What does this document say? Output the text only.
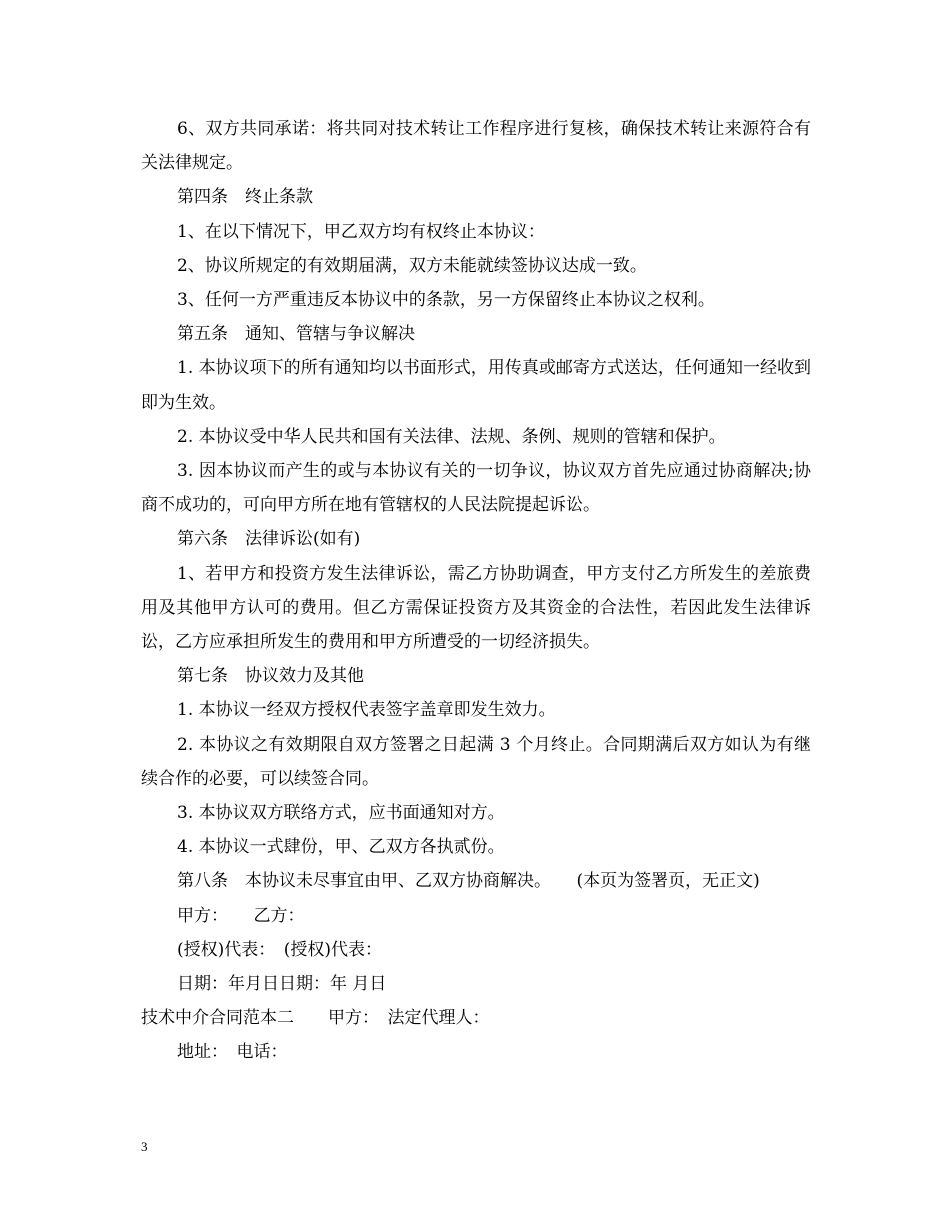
6、双方共同承诺：将共同对技术转让工作程序进行复核，确保技术转让来源符合有关法律规定。

第四条　终止条款

1、在以下情况下，甲乙双方均有权终止本协议：

2、协议所规定的有效期届满，双方未能就续签协议达成一致。

3、任何一方严重违反本协议中的条款，另一方保留终止本协议之权利。

第五条　通知、管辖与争议解决

1. 本协议项下的所有通知均以书面形式，用传真或邮寄方式送达，任何通知一经收到即为生效。

2. 本协议受中华人民共和国有关法律、法规、条例、规则的管辖和保护。

3. 因本协议而产生的或与本协议有关的一切争议，协议双方首先应通过协商解决;协商不成功的，可向甲方所在地有管辖权的人民法院提起诉讼。

第六条　法律诉讼(如有)

1、若甲方和投资方发生法律诉讼，需乙方协助调查，甲方支付乙方所发生的差旅费用及其他甲方认可的费用。但乙方需保证投资方及其资金的合法性，若因此发生法律诉讼，乙方应承担所发生的费用和甲方所遭受的一切经济损失。

第七条　协议效力及其他

1. 本协议一经双方授权代表签字盖章即发生效力。

2. 本协议之有效期限自双方签署之日起满 3 个月终止。合同期满后双方如认为有继续合作的必要，可以续签合同。

3. 本协议双方联络方式，应书面通知对方。

4. 本协议一式肆份，甲、乙双方各执贰份。

第八条　本协议未尽事宜由甲、乙双方协商解决。　　(本页为签署页，无正文)

甲方：　　乙方：

(授权)代表：　(授权)代表：

日期：年月日日期：年 月日

技术中介合同范本二　　甲方：　法定代理人：

地址：　电话：

3
